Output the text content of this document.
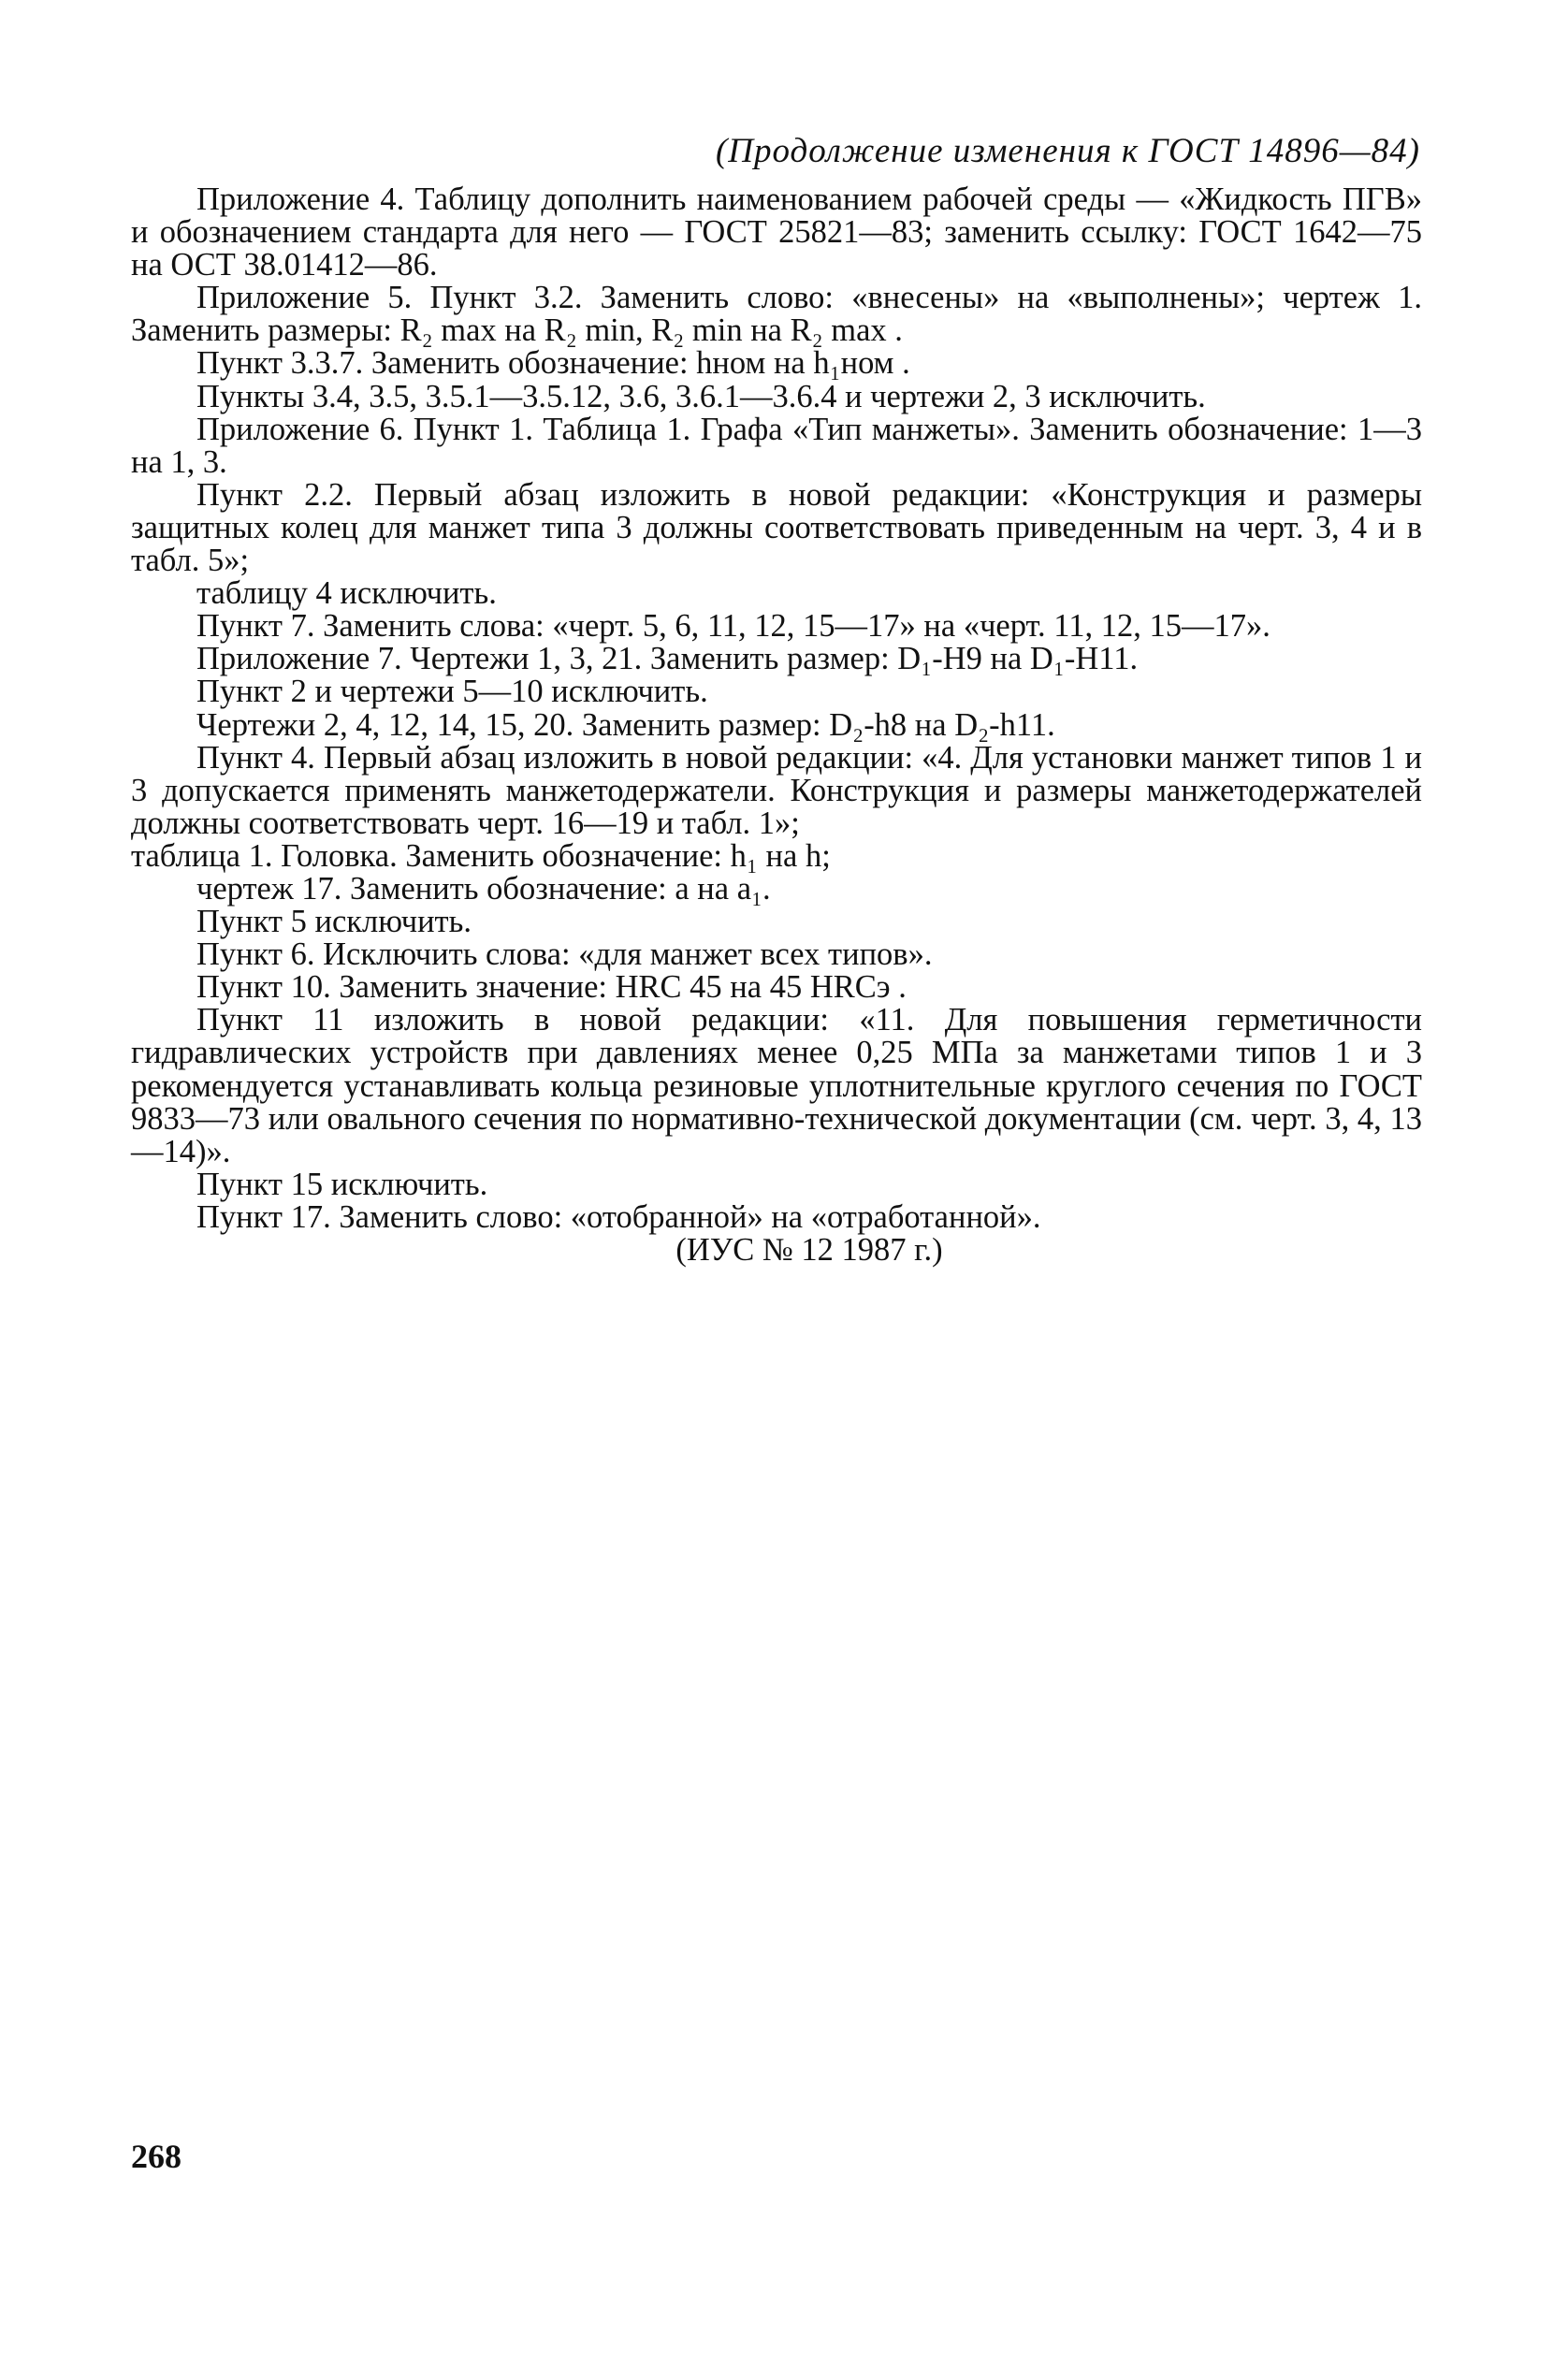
(Продолжение изменения к ГОСТ 14896—84)

Приложение 4. Таблицу дополнить наименованием рабочей среды — «Жидкость ПГВ» и обозначением стандарта для него — ГОСТ 25821—83; заменить ссылку: ГОСТ 1642—75 на ОСТ 38.01412—86.

Приложение 5. Пункт 3.2. Заменить слово: «внесены» на «выполнены»; чертеж 1. Заменить размеры: R₂ max на R₂ min, R₂ min на R₂ max .

Пункт 3.3.7. Заменить обозначение: hном на h₁ном .

Пункты 3.4, 3.5, 3.5.1—3.5.12, 3.6, 3.6.1—3.6.4 и чертежи 2, 3 исключить.

Приложение 6. Пункт 1. Таблица 1. Графа «Тип манжеты». Заменить обозначение: 1—3 на 1, 3.

Пункт 2.2. Первый абзац изложить в новой редакции: «Конструкция и размеры защитных колец для манжет типа 3 должны соответствовать приведенным на черт. 3, 4 и в табл. 5»;

таблицу 4 исключить.

Пункт 7. Заменить слова: «черт. 5, 6, 11, 12, 15—17» на «черт. 11, 12, 15—17».

Приложение 7. Чертежи 1, 3, 21. Заменить размер: D₁-H9 на D₁-H11.

Пункт 2 и чертежи 5—10 исключить.

Чертежи 2, 4, 12, 14, 15, 20. Заменить размер: D₂-h8 на D₂-h11.

Пункт 4. Первый абзац изложить в новой редакции: «4. Для установки манжет типов 1 и 3 допускается применять манжетодержатели. Конструкция и размеры манжетодержателей должны соответствовать черт. 16—19 и табл. 1»;

таблица 1. Головка. Заменить обозначение: h₁ на h;

чертеж 17. Заменить обозначение: a на a₁.

Пункт 5 исключить.

Пункт 6. Исключить слова: «для манжет всех типов».

Пункт 10. Заменить значение: HRC 45 на 45 HRCэ .

Пункт 11 изложить в новой редакции: «11. Для повышения герметичности гидравлических устройств при давлениях менее 0,25 МПа за манжетами типов 1 и 3 рекомендуется устанавливать кольца резиновые уплотнительные круглого сечения по ГОСТ 9833—73 или овального сечения по нормативно-технической документации (см. черт. 3, 4, 13—14)».

Пункт 15 исключить.

Пункт 17. Заменить слово: «отобранной» на «отработанной».

(ИУС № 12 1987 г.)

268
